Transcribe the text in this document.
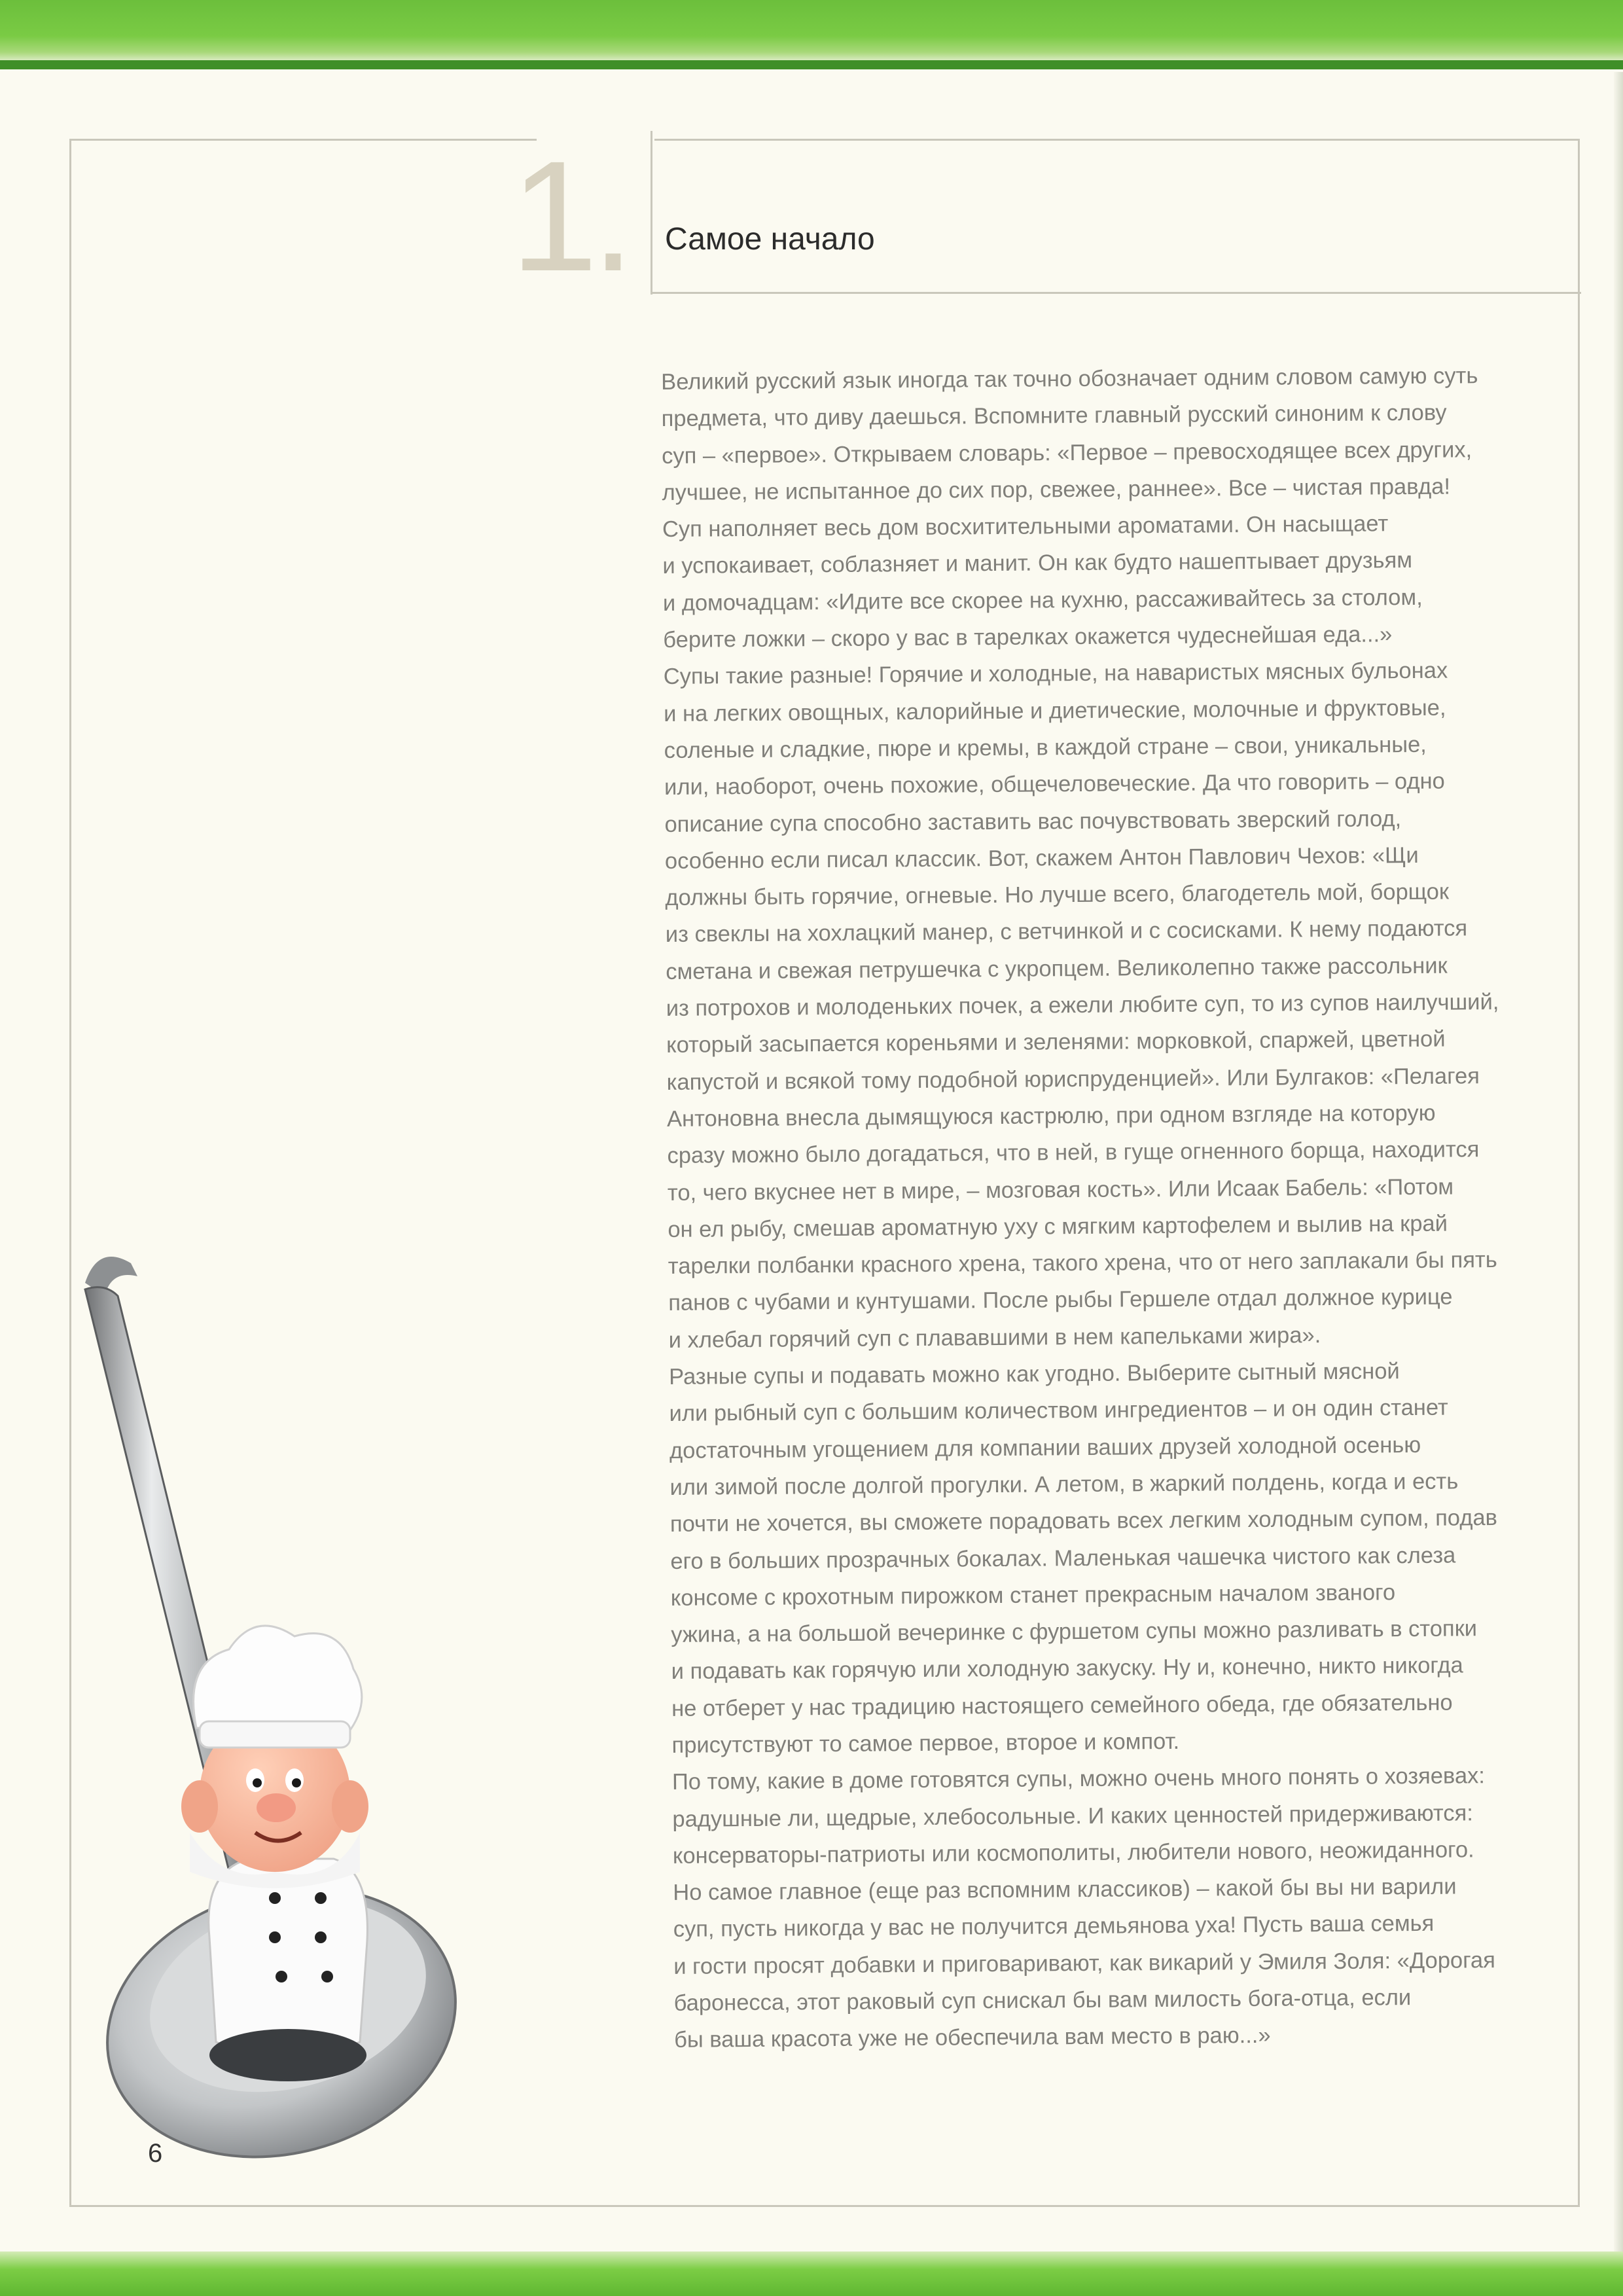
1.	Самое начало

Великий русский язык иногда так точно обозначает одним словом самую суть
предмета, что диву даешься. Вспомните главный русский синоним к слову
суп – «первое». Открываем словарь: «Первое – превосходящее всех других,
лучшее, не испытанное до сих пор, свежее, раннее». Все – чистая правда!
Суп наполняет весь дом восхитительными ароматами. Он насыщает
и успокаивает, соблазняет и манит. Он как будто нашептывает друзьям
и домочадцам: «Идите все скорее на кухню, рассаживайтесь за столом,
берите ложки – скоро у вас в тарелках окажется чудеснейшая еда...»

Супы такие разные! Горячие и холодные, на наваристых мясных бульонах
и на легких овощных, калорийные и диетические, молочные и фруктовые,
соленые и сладкие, пюре и кремы, в каждой стране – свои, уникальные,
или, наоборот, очень похожие, общечеловеческие. Да что говорить – одно
описание супа способно заставить вас почувствовать зверский голод,
особенно если писал классик. Вот, скажем Антон Павлович Чехов: «Щи
должны быть горячие, огневые. Но лучше всего, благодетель мой, борщок
из свеклы на хохлацкий манер, с ветчинкой и с сосисками. К нему подаются
сметана и свежая петрушечка с укропцем. Великолепно также рассольник
из потрохов и молоденьких почек, а ежели любите суп, то из супов наилучший,
который засыпается кореньями и зеленями: морковкой, спаржей, цветной
капустой и всякой тому подобной юриспруденцией». Или Булгаков: «Пелагея
Антоновна внесла дымящуюся кастрюлю, при одном взгляде на которую
сразу можно было догадаться, что в ней, в гуще огненного борща, находится
то, чего вкуснее нет в мире, – мозговая кость». Или Исаак Бабель: «Потом
он ел рыбу, смешав ароматную уху с мягким картофелем и вылив на край
тарелки полбанки красного хрена, такого хрена, что от него заплакали бы пять
панов с чубами и кунтушами. После рыбы Гершеле отдал должное курице
и хлебал горячий суп с плававшими в нем капельками жира».

Разные супы и подавать можно как угодно. Выберите сытный мясной
или рыбный суп с большим количеством ингредиентов – и он один станет
достаточным угощением для компании ваших друзей холодной осенью
или зимой после долгой прогулки. А летом, в жаркий полдень, когда и есть
почти не хочется, вы сможете порадовать всех легким холодным супом, подав
его в больших прозрачных бокалах. Маленькая чашечка чистого как слеза
консоме с крохотным пирожком станет прекрасным началом званого
ужина, а на большой вечеринке с фуршетом супы можно разливать в стопки
и подавать как горячую или холодную закуску. Ну и, конечно, никто никогда
не отберет у нас традицию настоящего семейного обеда, где обязательно
присутствуют то самое первое, второе и компот.

По тому, какие в доме готовятся супы, можно очень много понять о хозяевах:
радушные ли, щедрые, хлебосольные. И каких ценностей придерживаются:
консерваторы-патриоты или космополиты, любители нового, неожиданного.
Но самое главное (еще раз вспомним классиков) – какой бы вы ни варили
суп, пусть никогда у вас не получится демьянова уха! Пусть ваша семья
и гости просят добавки и приговаривают, как викарий у Эмиля Золя: «Дорогая
баронесса, этот раковый суп снискал бы вам милость бога-отца, если
бы ваша красота уже не обеспечила вам место в раю...»

6
